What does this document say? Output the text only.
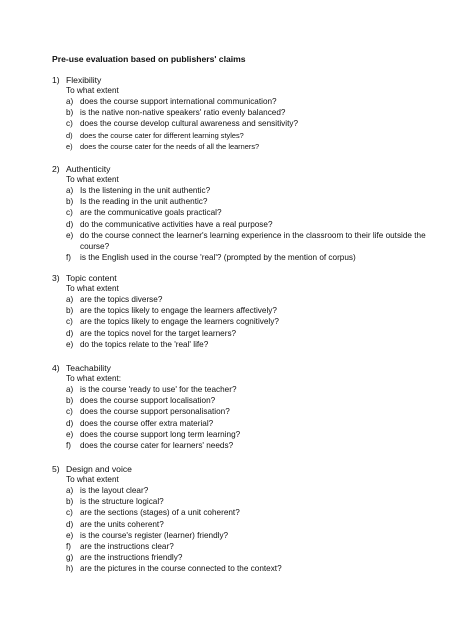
Pre-use evaluation based on publishers' claims
1) Flexibility
To what extent
a) does the course support international communication?
b) is the native non-native speakers' ratio evenly balanced?
c) does the course develop cultural awareness and sensitivity?
d)	does the course cater for different learning styles?
e)	does the course cater for the needs of all the learners?
2) Authenticity
To what extent
a) Is the listening in the unit authentic?
b) Is the reading in the unit authentic?
c) are the communicative goals practical?
d) do the communicative activities have a real purpose?
e) do the course connect the learner's learning experience in the classroom to their life outside the course?
f)	is the English used in the course 'real'? (prompted by the mention of corpus)
3) Topic content
To what extent
a) are the topics diverse?
b) are the topics likely to engage the learners affectively?
c) are the topics likely to engage the learners cognitively?
d) are the topics novel for the target learners?
e) do the topics relate to the 'real' life?
4) Teachability
To what extent:
a) is the course 'ready to use' for the teacher?
b) does the course support localisation?
c) does the course support personalisation?
d) does the course offer extra material?
e) does the course support long term learning?
f)	does the course cater for learners' needs?
5) Design and voice
To what extent
a) is the layout clear?
b) is the structure logical?
c) are the sections (stages) of a unit coherent?
d) are the units coherent?
e) is the course's register (learner) friendly?
f)	are the instructions clear?
g) are the instructions friendly?
h) are the pictures in the course connected to the context?
